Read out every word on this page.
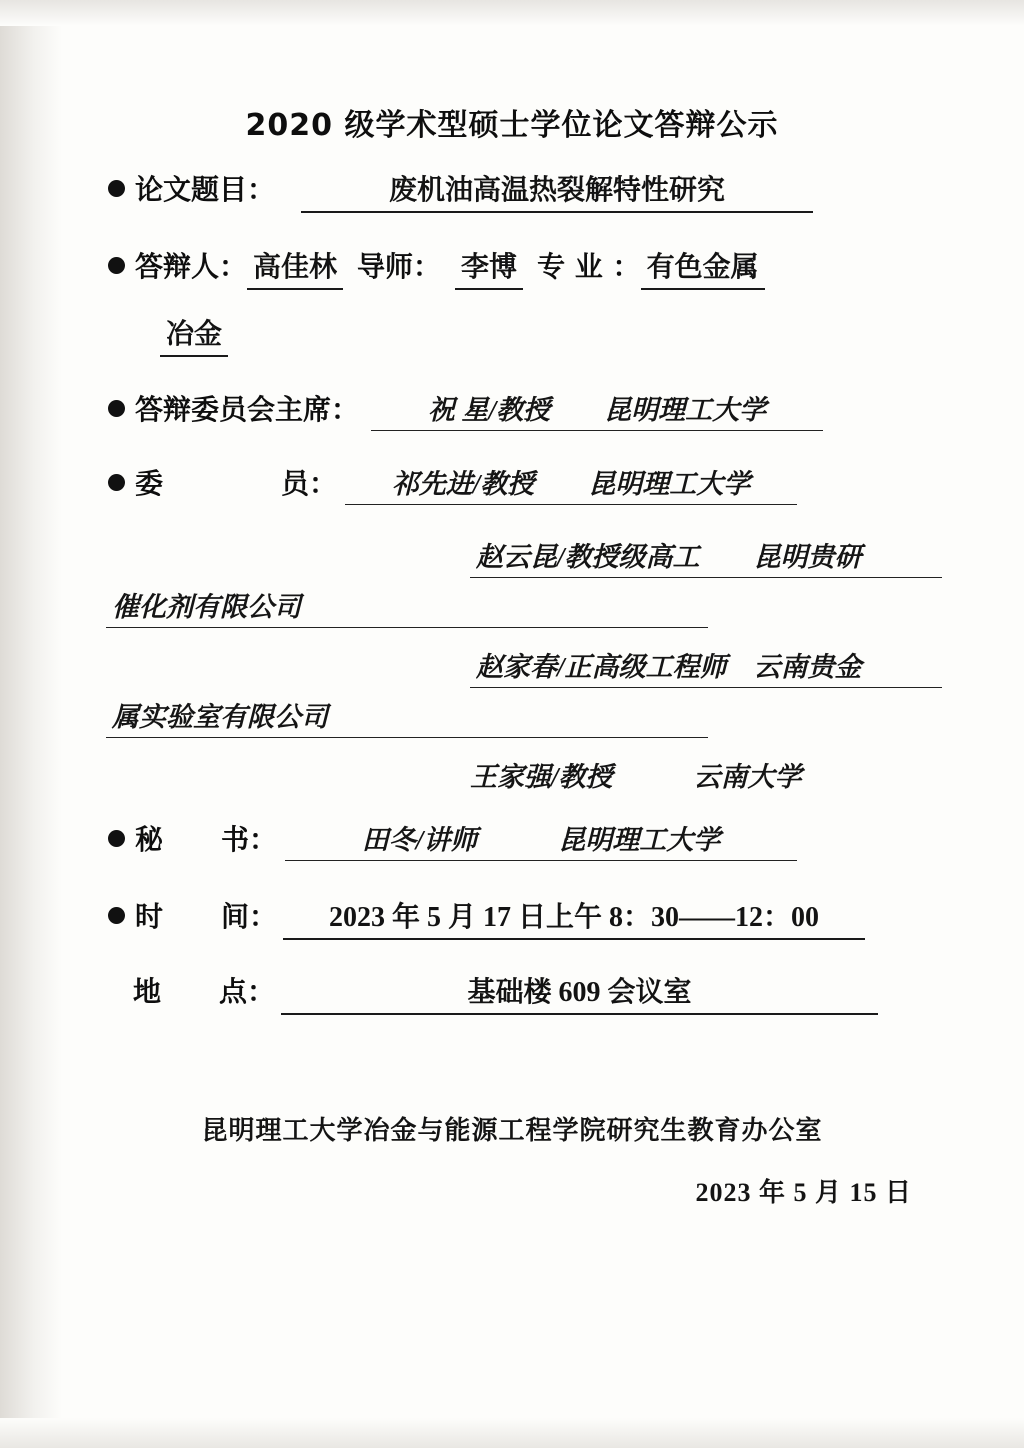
2020 级学术型硕士学位论文答辩公示
论文题目：	废机油高温热裂解特性研究
答辩人： 高佳林 导师： 李博 专 业 ： 有色金属
冶金
答辩委员会主席：	祝 星/教授　　昆明理工大学
委	员：	祁先进/教授　　昆明理工大学
赵云昆/教授级高工　　昆明贵研
催化剂有限公司
赵家春/正高级工程师　云南贵金
属实验室有限公司
王家强/教授　　　云南大学
秘 书：	田冬/讲师　　　昆明理工大学
时 间：	2023 年 5 月 17 日上午 8：30——12：00
地 点：	基础楼 609 会议室
昆明理工大学冶金与能源工程学院研究生教育办公室
2023 年 5 月 15 日
